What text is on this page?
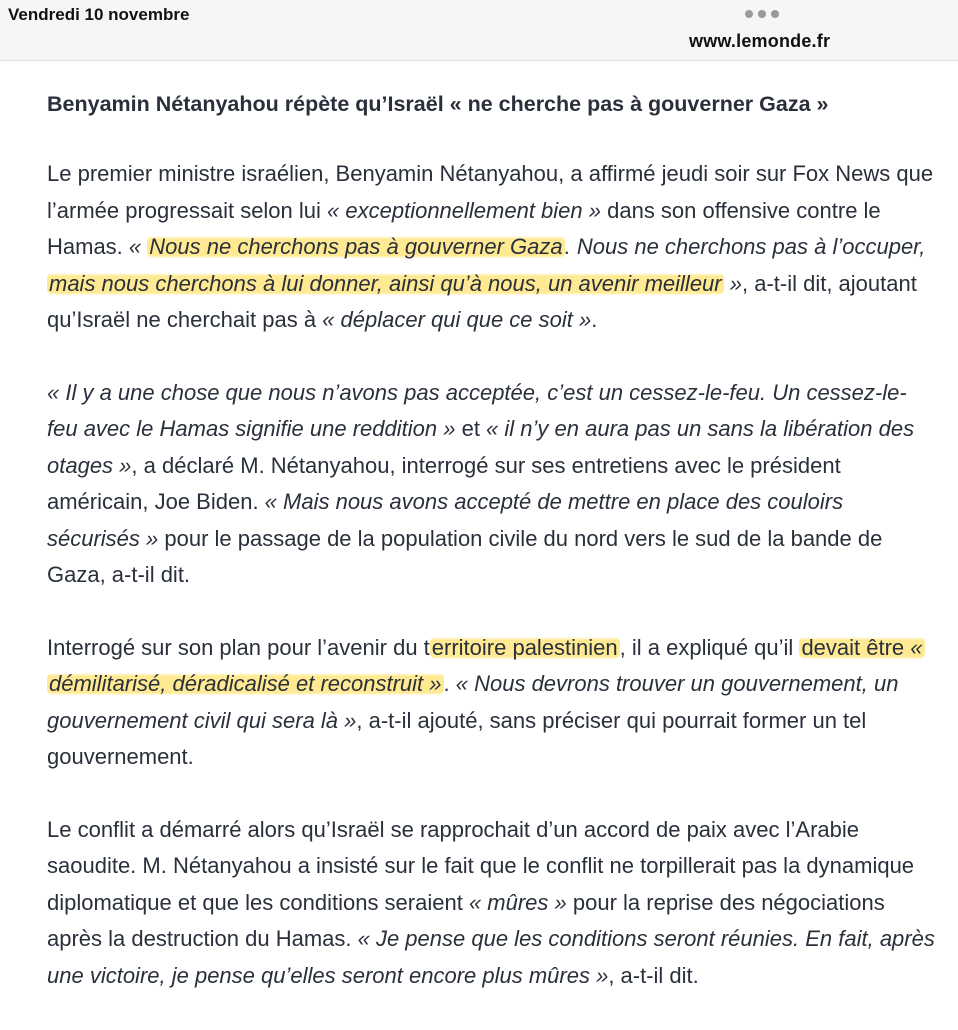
Vendredi 10 novembre
www.lemonde.fr
Benyamin Nétanyahou répète qu’Israël « ne cherche pas à gouverner Gaza »

Le premier ministre israélien, Benyamin Nétanyahou, a affirmé jeudi soir sur Fox News que l’armée progressait selon lui « exceptionnellement bien » dans son offensive contre le Hamas. « Nous ne cherchons pas à gouverner Gaza. Nous ne cherchons pas à l’occuper, mais nous cherchons à lui donner, ainsi qu’à nous, un avenir meilleur », a-t-il dit, ajoutant qu’Israël ne cherchait pas à « déplacer qui que ce soit ».

« Il y a une chose que nous n’avons pas acceptée, c’est un cessez-le-feu. Un cessez-le-feu avec le Hamas signifie une reddition » et « il n’y en aura pas un sans la libération des otages », a déclaré M. Nétanyahou, interrogé sur ses entretiens avec le président américain, Joe Biden. « Mais nous avons accepté de mettre en place des couloirs sécurisés » pour le passage de la population civile du nord vers le sud de la bande de Gaza, a-t-il dit.

Interrogé sur son plan pour l’avenir du territoire palestinien, il a expliqué qu’il devait être « démilitarisé, déradicalisé et reconstruit ». « Nous devrons trouver un gouvernement, un gouvernement civil qui sera là », a-t-il ajouté, sans préciser qui pourrait former un tel gouvernement.

Le conflit a démarré alors qu’Israël se rapprochait d’un accord de paix avec l’Arabie saoudite. M. Nétanyahou a insisté sur le fait que le conflit ne torpillerait pas la dynamique diplomatique et que les conditions seraient « mûres » pour la reprise des négociations après la destruction du Hamas. « Je pense que les conditions seront réunies. En fait, après une victoire, je pense qu’elles seront encore plus mûres », a-t-il dit.
